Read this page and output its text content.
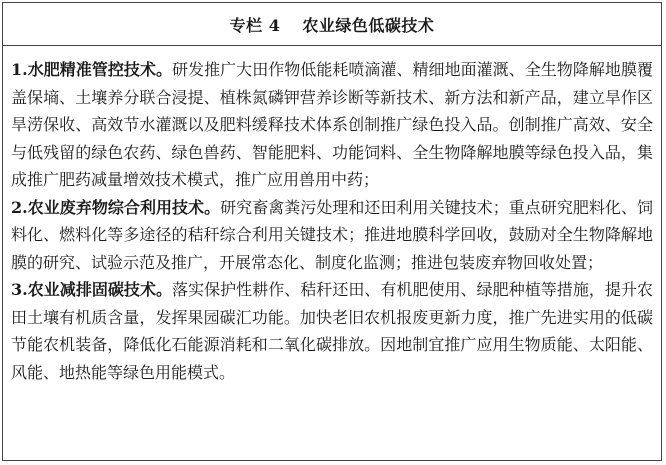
专栏 4 农业绿色低碳技术

1.水肥精准管控技术。研发推广大田作物低能耗喷滴灌、精细地面灌溉、全生物降解地膜覆盖保墒、土壤养分联合浸提、植株氮磷钾营养诊断等新技术、新方法和新产品，建立旱作区旱涝保收、高效节水灌溉以及肥料缓释技术体系创制推广绿色投入品。创制推广高效、安全与低残留的绿色农药、绿色兽药、智能肥料、功能饲料、全生物降解地膜等绿色投入品，集成推广肥药减量增效技术模式，推广应用兽用中药；

2.农业废弃物综合利用技术。研究畜禽粪污处理和还田利用关键技术；重点研究肥料化、饲料化、燃料化等多途径的秸秆综合利用关键技术；推进地膜科学回收，鼓励对全生物降解地膜的研究、试验示范及推广，开展常态化、制度化监测；推进包装废弃物回收处置；

3.农业减排固碳技术。落实保护性耕作、秸秆还田、有机肥使用、绿肥种植等措施，提升农田土壤有机质含量，发挥果园碳汇功能。加快老旧农机报废更新力度，推广先进实用的低碳节能农机装备，降低化石能源消耗和二氧化碳排放。因地制宜推广应用生物质能、太阳能、风能、地热能等绿色用能模式。
